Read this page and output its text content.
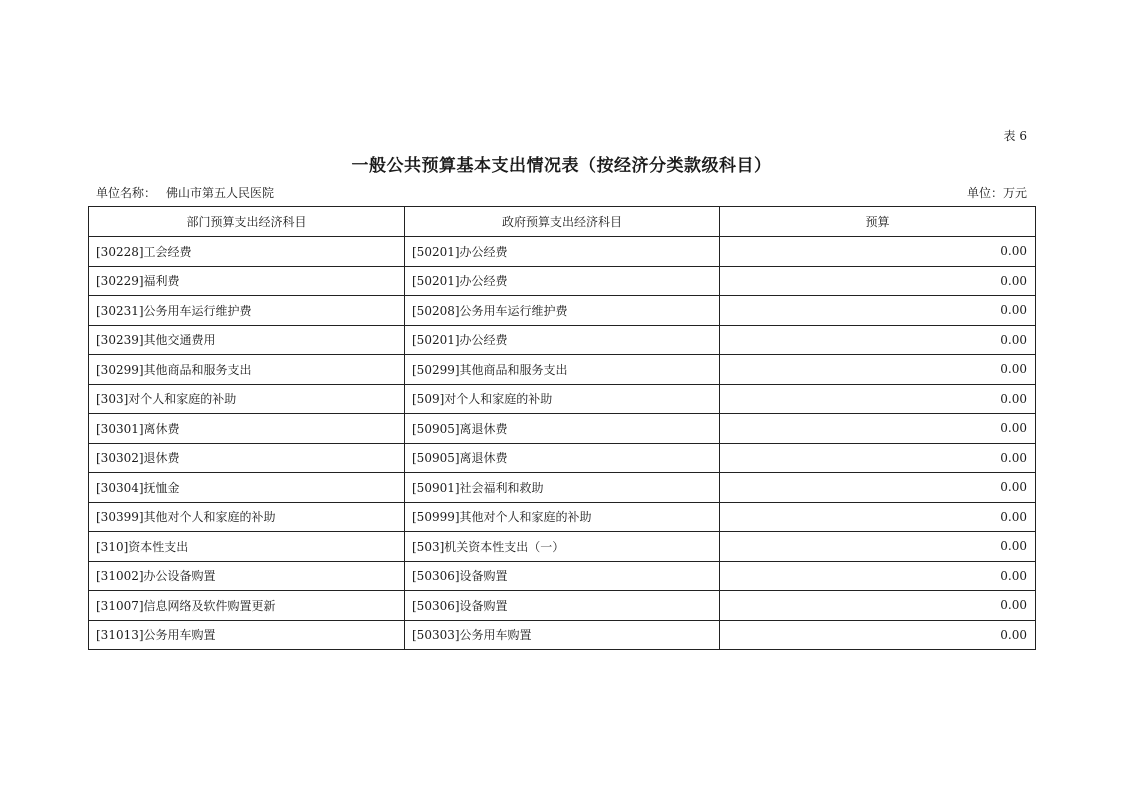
表 6
一般公共预算基本支出情况表（按经济分类款级科目）
单位名称： 佛山市第五人民医院	单位：万元
部门预算支出经济科目	政府预算支出经济科目	预算
[30228]工会经费	[50201]办公经费	0.00
[30229]福利费	[50201]办公经费	0.00
[30231]公务用车运行维护费	[50208]公务用车运行维护费	0.00
[30239]其他交通费用	[50201]办公经费	0.00
[30299]其他商品和服务支出	[50299]其他商品和服务支出	0.00
[303]对个人和家庭的补助	[509]对个人和家庭的补助	0.00
[30301]离休费	[50905]离退休费	0.00
[30302]退休费	[50905]离退休费	0.00
[30304]抚恤金	[50901]社会福利和救助	0.00
[30399]其他对个人和家庭的补助	[50999]其他对个人和家庭的补助	0.00
[310]资本性支出	[503]机关资本性支出（一）	0.00
[31002]办公设备购置	[50306]设备购置	0.00
[31007]信息网络及软件购置更新	[50306]设备购置	0.00
[31013]公务用车购置	[50303]公务用车购置	0.00
